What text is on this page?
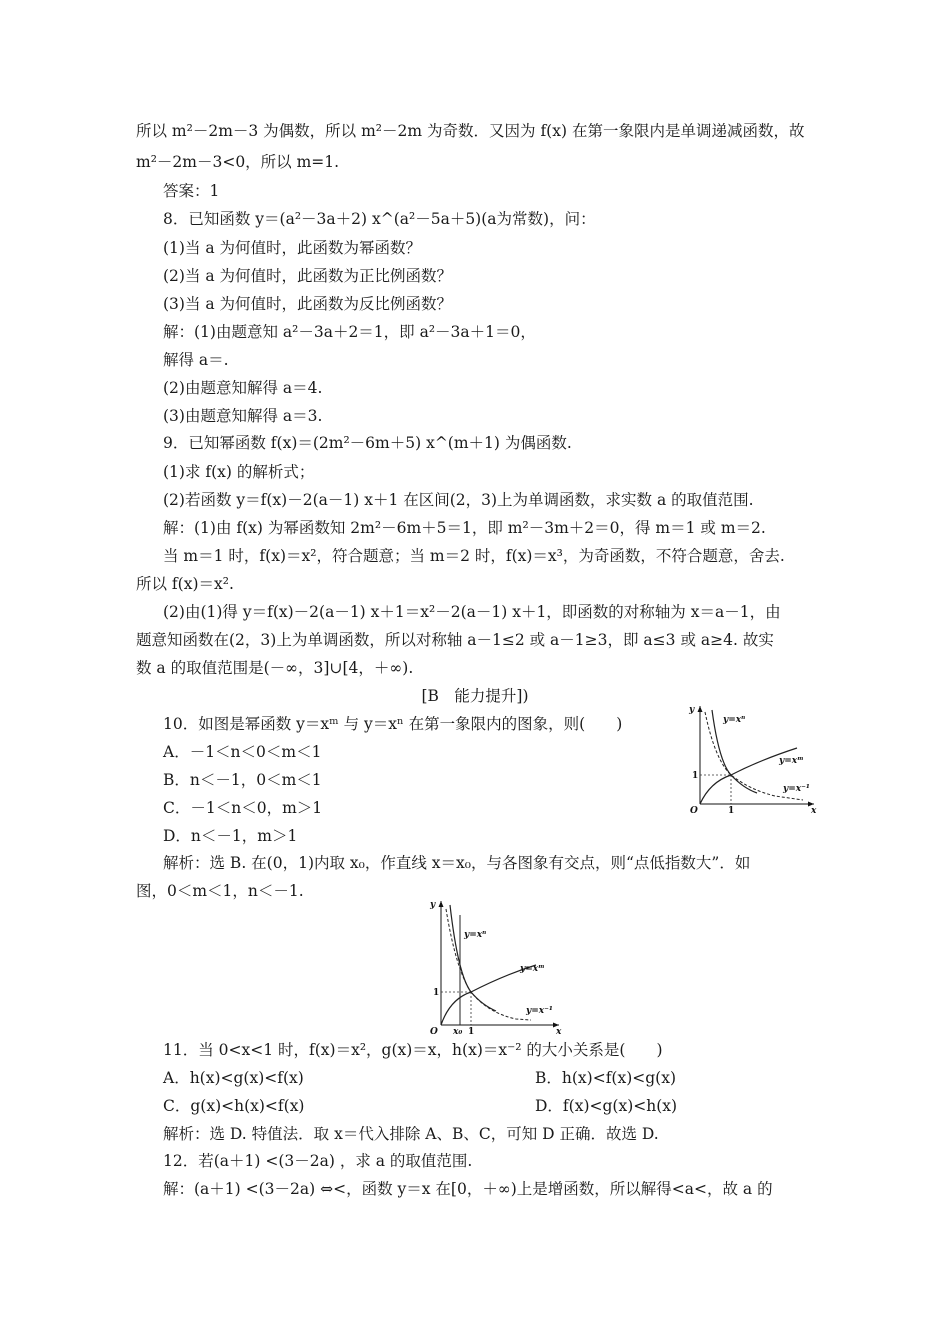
所以 m²－2m－3 为偶数，所以 m²－2m 为奇数．又因为 f(x) 在第一象限内是单调递减函数，故
m²－2m－3<0，所以 m=1.
答案：1
8．已知函数 y＝(a²－3a＋2) x^(a²－5a＋5)(a为常数)，问：
(1)当 a 为何值时，此函数为幂函数？
(2)当 a 为何值时，此函数为正比例函数？
(3)当 a 为何值时，此函数为反比例函数？
解：(1)由题意知 a²－3a＋2＝1，即 a²－3a＋1＝0，
解得 a＝.
(2)由题意知解得 a＝4.
(3)由题意知解得 a＝3.
9．已知幂函数 f(x)＝(2m²－6m＋5) x^(m＋1) 为偶函数.
(1)求 f(x) 的解析式；
(2)若函数 y＝f(x)－2(a－1) x＋1 在区间(2，3)上为单调函数，求实数 a 的取值范围.
解：(1)由 f(x) 为幂函数知 2m²－6m＋5＝1，即 m²－3m＋2＝0，得 m＝1 或 m＝2.
当 m＝1 时，f(x)＝x²，符合题意；当 m＝2 时，f(x)＝x³，为奇函数，不符合题意，舍去.
所以 f(x)＝x².
(2)由(1)得 y＝f(x)－2(a－1) x＋1＝x²－2(a－1) x＋1，即函数的对称轴为 x＝a－1，由
题意知函数在(2，3)上为单调函数，所以对称轴 a－1≤2 或 a－1≥3，即 a≤3 或 a≥4. 故实
数 a 的取值范围是(－∞，3]∪[4，＋∞).
[B　能力提升])
10．如图是幂函数 y＝xᵐ 与 y＝xⁿ 在第一象限内的图象，则(　　)
A．－1＜n＜0＜m＜1
B．n＜－1，0＜m＜1
C．－1＜n＜0，m＞1
D．n＜－1，m＞1
解析：选 B. 在(0，1)内取 x₀，作直线 x＝x₀，与各图象有交点，则“点低指数大”．如
图，0＜m＜1，n＜－1.
11．当 0<x<1 时，f(x)＝x²，g(x)＝x，h(x)＝x⁻² 的大小关系是(　　)
A．h(x)<g(x)<f(x)	B．h(x)<f(x)<g(x)
C．g(x)<h(x)<f(x)	D．f(x)<g(x)<h(x)
解析：选 D. 特值法．取 x＝代入排除 A、B、C，可知 D 正确．故选 D.
12．若(a＋1) <(3－2a) ，求 a 的取值范围.
解：(a＋1) <(3－2a) ⇔<，函数 y＝x 在[0，＋∞)上是增函数，所以解得<a<，故 a 的
y
x
O
1
1
y=xⁿ
y=xᵐ
y=x⁻¹
y
x
O
1
1
x₀
y=xⁿ
y=xᵐ
y=x⁻¹
